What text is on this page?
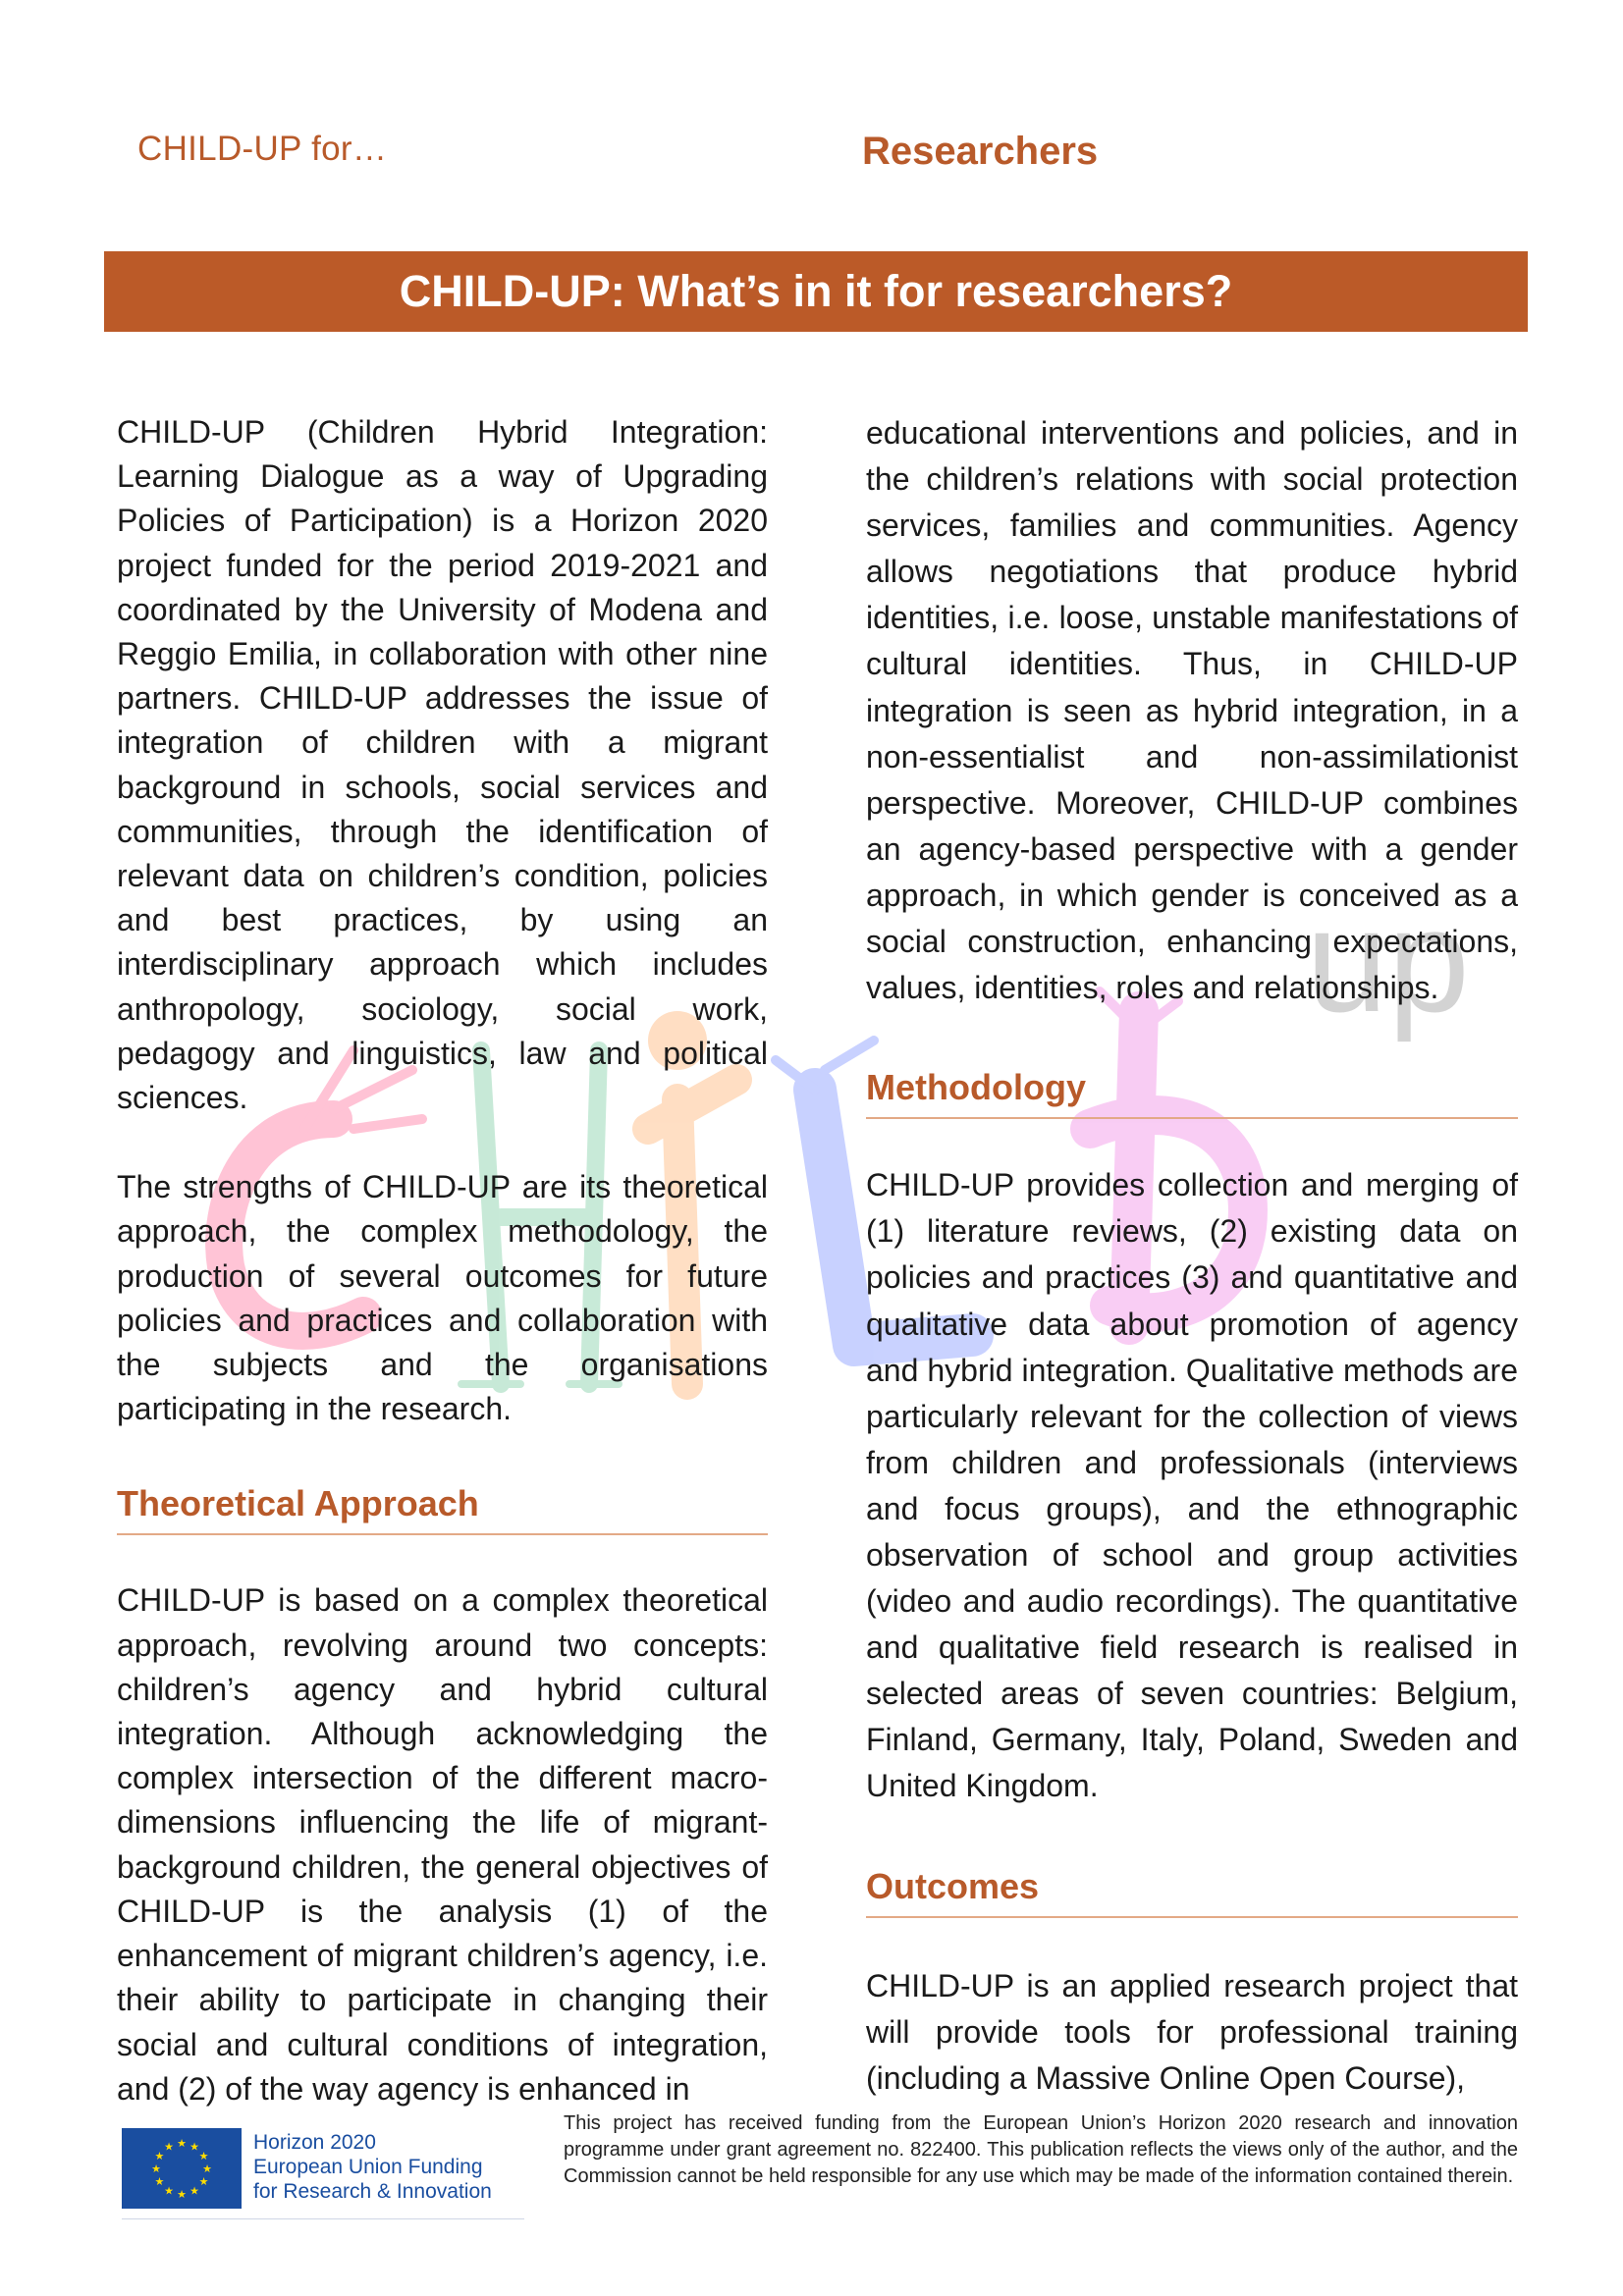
CHILD-UP for…	Researchers
CHILD-UP: What’s in it for researchers?
up

CHILD-UP (Children Hybrid Integration: Learning Dialogue as a way of Upgrading Policies of Participation) is a Horizon 2020 project funded for the period 2019-2021 and coordinated by the University of Modena and Reggio Emilia, in collaboration with other nine partners. CHILD-UP addresses the issue of integration of children with a migrant background in schools, social services and communities, through the identification of relevant data on children’s condition, policies and best practices, by using an interdisciplinary approach which includes anthropology, sociology, social work, pedagogy and linguistics, law and political sciences.

The strengths of CHILD-UP are its theoretical approach, the complex methodology, the production of several outcomes for future policies and practices and collaboration with the subjects and the organisations participating in the research.

Theoretical Approach

CHILD-UP is based on a complex theoretical approach, revolving around two concepts: children’s agency and hybrid cultural integration. Although acknowledging the complex intersection of the different macro-dimensions influencing the life of migrant-background children, the general objectives of CHILD-UP is the analysis (1) of the enhancement of migrant children’s agency, i.e. their ability to participate in changing their social and cultural conditions of integration, and (2) of the way agency is enhanced in

educational interventions and policies, and in the children’s relations with social protection services, families and communities. Agency allows negotiations that produce hybrid identities, i.e. loose, unstable manifestations of cultural identities. Thus, in CHILD-UP integration is seen as hybrid integration, in a non-essentialist and non-assimilationist perspective. Moreover, CHILD-UP combines an agency-based perspective with a gender approach, in which gender is conceived as a social construction, enhancing expectations, values, identities, roles and relationships.

Methodology

CHILD-UP provides collection and merging of (1) literature reviews, (2) existing data on policies and practices (3) and quantitative and qualitative data about promotion of agency and hybrid integration. Qualitative methods are particularly relevant for the collection of views from children and professionals (interviews and focus groups), and the ethnographic observation of school and group activities (video and audio recordings). The quantitative and qualitative field research is realised in selected areas of seven countries: Belgium, Finland, Germany, Italy, Poland, Sweden and United Kingdom.

Outcomes

CHILD-UP is an applied research project that will provide tools for professional training (including a Massive Online Open Course),

★ ★
★
★
★
★
★
★
★
★
★
★	Horizon 2020
European Union Funding
for Research & Innovation
This project has received funding from the European Union’s Horizon 2020 research and innovation programme under grant agreement no. 822400. This publication reflects the views only of the author, and the Commission cannot be held responsible for any use which may be made of the information contained therein.
